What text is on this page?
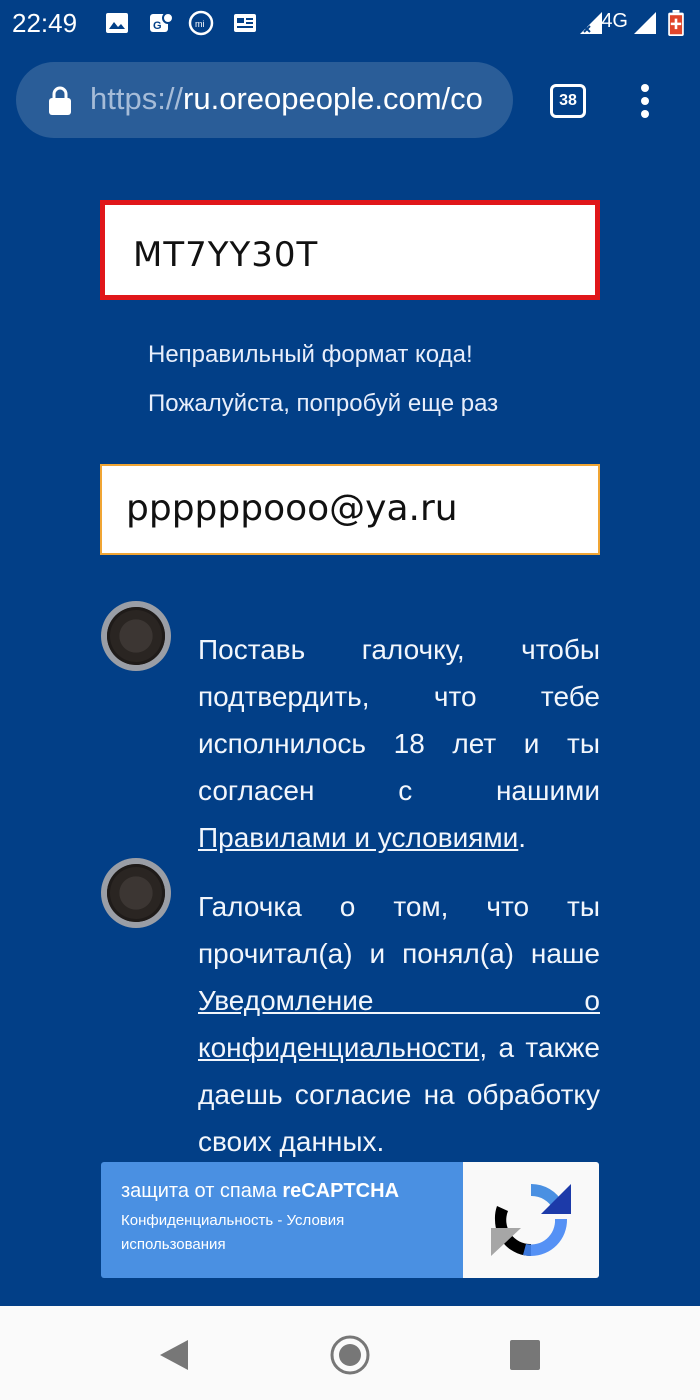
22:49	G	mi	4G
https://ru.oreopeople.com/co	38
MT7YY30T
Неправильный формат кода! Пожалуйста, попробуй еще раз
ppppppooo@ya.ru
Поставь галочку, чтобы подтвердить, что тебе исполнилось 18 лет и ты согласен с нашими Правилами и условиями.
Галочка о том, что ты прочитал(а) и понял(а) наше Уведомление о конфиденциальности, а также даешь согласие на обработку своих данных.
защита от спама reCAPTCHA
Конфиденциальность - Условия использования
